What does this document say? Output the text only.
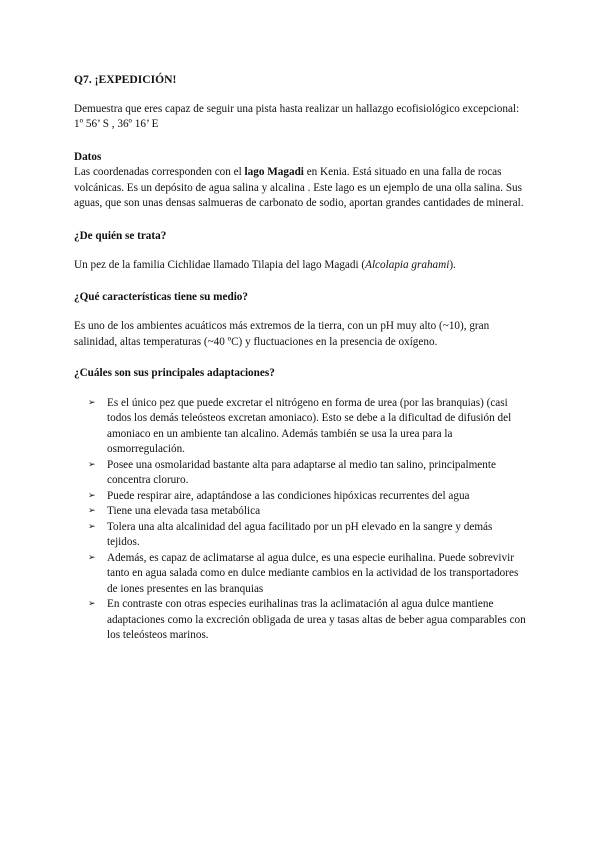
Q7. ¡EXPEDICIÓN!

Demuestra que eres capaz de seguir una pista hasta realizar un hallazgo ecofisiológico excepcional: 1º 56’ S , 36º 16’ E

Datos

Las coordenadas corresponden con el lago Magadi en Kenia. Está situado en una falla de rocas volcánicas. Es un depósito de agua salina y alcalina . Este lago es un ejemplo de una olla salina. Sus aguas, que son unas densas salmueras de carbonato de sodio, aportan grandes cantidades de mineral.

¿De quién se trata?

Un pez de la familia Cichlidae llamado Tilapia del lago Magadi (Alcolapia grahami).

¿Qué características tiene su medio?

Es uno de los ambientes acuáticos más extremos de la tierra, con un pH muy alto (~10), gran salinidad, altas temperaturas (~40 ºC) y fluctuaciones en la presencia de oxígeno.

¿Cuáles son sus principales adaptaciones?

➢ Es el único pez que puede excretar el nitrógeno en forma de urea (por las branquias) (casi todos los demás teleósteos excretan amoniaco). Esto se debe a la dificultad de difusión del amoniaco en un ambiente tan alcalino. Además también se usa la urea para la osmorregulación.
➢ Posee una osmolaridad bastante alta para adaptarse al medio tan salino, principalmente concentra cloruro.
➢ Puede respirar aire, adaptándose a las condiciones hipóxicas recurrentes del agua
➢ Tiene una elevada tasa metabólica
➢ Tolera una alta alcalinidad del agua facilitado por un pH elevado en la sangre y demás tejidos.
➢ Además, es capaz de aclimatarse al agua dulce, es una especie eurihalina. Puede sobrevivir tanto en agua salada como en dulce mediante cambios en la actividad de los transportadores de iones presentes en las branquias
➢ En contraste con otras especies eurihalinas tras la aclimatación al agua dulce mantiene adaptaciones como la excreción obligada de urea y tasas altas de beber agua comparables con los teleósteos marinos.
